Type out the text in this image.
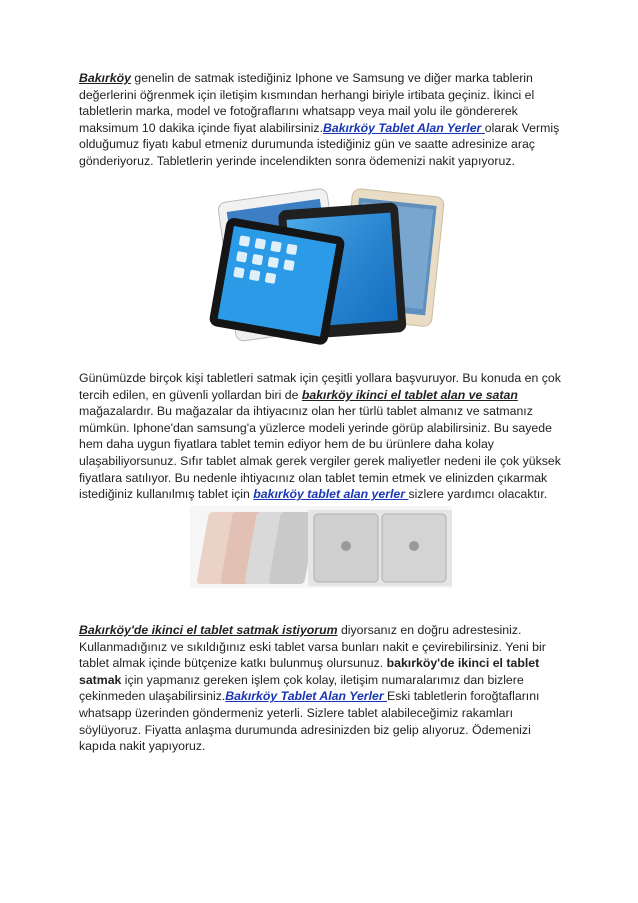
Bakırköy genelin de satmak istediğiniz Iphone ve Samsung ve diğer marka tablerin değerlerini öğrenmek için iletişim kısmından herhangi biriyle irtibata geçiniz. İkinci el tabletlerin marka, model ve fotoğraflarını whatsapp veya mail yolu ile göndererek maksimum 10 dakika içinde fiyat alabilirsiniz.Bakırköy Tablet Alan Yerler olarak Vermiş olduğumuz fiyatı kabul etmeniz durumunda istediğiniz gün ve saatte adresinize araç gönderiyoruz. Tabletlerin yerinde incelendikten sonra ödemenizi nakit yapıyoruz.

Günümüzde birçok kişi tabletleri satmak için çeşitli yollara başvuruyor. Bu konuda en çok tercih edilen, en güvenli yollardan biri de bakırköy ikinci el tablet alan ve satan mağazalardır. Bu mağazalar da ihtiyacınız olan her türlü tablet almanız ve satmanız mümkün. Iphone'dan samsung'a yüzlerce modeli yerinde görüp alabilirsiniz. Bu sayede hem daha uygun fiyatlara tablet temin ediyor hem de bu ürünlere daha kolay ulaşabiliyorsunuz. Sıfır tablet almak gerek vergiler gerek maliyetler nedeni ile çok yüksek fiyatlara satılıyor. Bu nedenle ihtiyacınız olan tablet temin etmek ve elinizden çıkarmak istediğiniz kullanılmış tablet için bakırköy tablet alan yerler sizlere yardımcı olacaktır.

Bakırköy'de ikinci el tablet satmak istiyorum diyorsanız en doğru adrestesiniz. Kullanmadığınız ve sıkıldığınız eski tablet varsa bunları nakit e çevirebilirsiniz. Yeni bir tablet almak içinde bütçenize katkı bulunmuş olursunuz. bakırköy'de ikinci el tablet satmak için yapmanız gereken işlem çok kolay, iletişim numaralarımız dan bizlere çekinmeden ulaşabilirsiniz.Bakırköy Tablet Alan Yerler Eski tabletlerin foroğtaflarını whatsapp üzerinden göndermeniz yeterli. Sizlere tablet alabileceğimiz rakamları söylüyoruz. Fiyatta anlaşma durumunda adresinizden biz gelip alıyoruz. Ödemenizi kapıda nakit yapıyoruz.
